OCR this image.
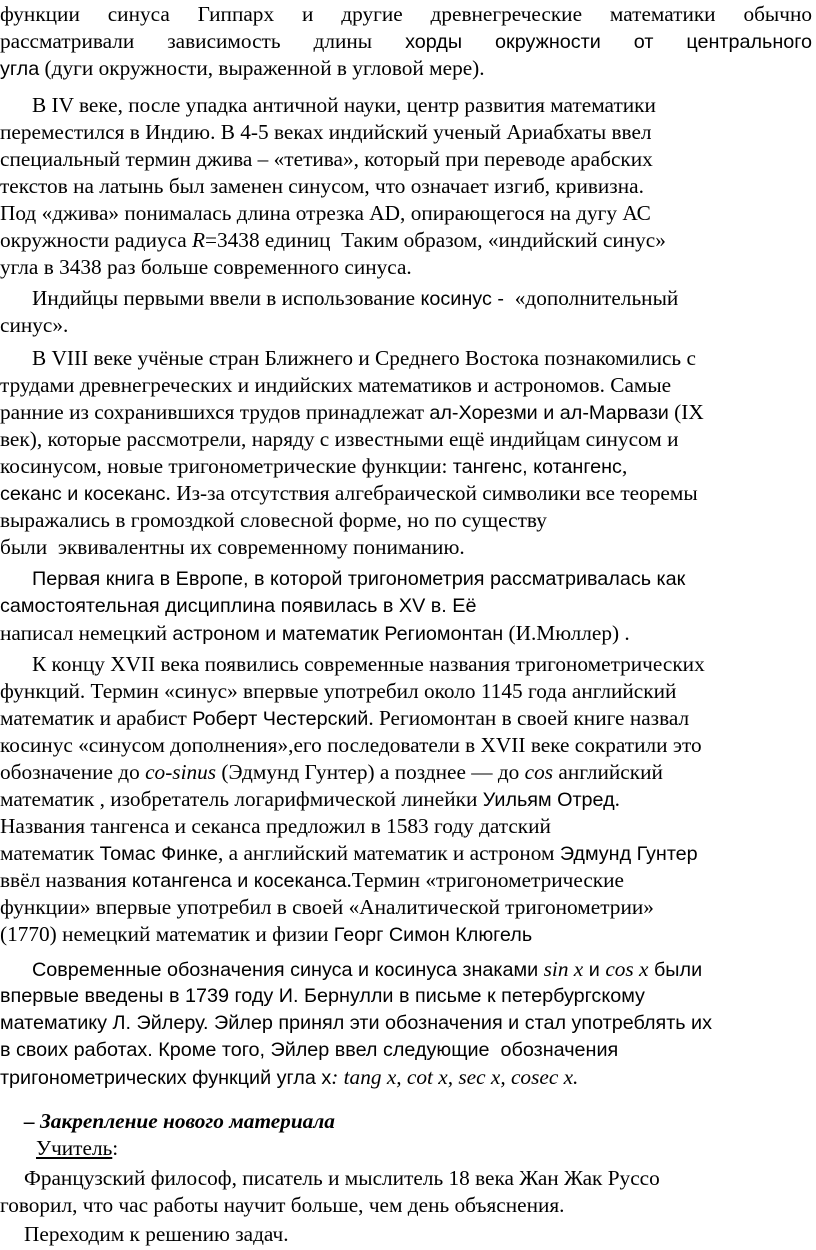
функции синуса Гиппарх и другие древнегреческие математики обычно
рассматривали зависимость длины хорды окружности от центрального
угла (дуги окружности, выраженной в угловой мере).
В IV веке, после упадка античной науки, центр развития математики
переместился в Индию. В 4-5 веках индийский ученый Ариабхаты ввел
специальный термин джива – «тетива», который при переводе арабских
текстов на латынь был заменен синусом, что означает изгиб, кривизна.
Под «джива» понималась длина отрезка AD, опирающегося на дугу АС
окружности радиуса R=3438 единиц  Таким образом, «индийский синус»
угла в 3438 раз больше современного синуса.
Индийцы первыми ввели в использование косинус -  «дополнительный
синус».
В VIII веке учёные стран Ближнего и Среднего Востока познакомились с
трудами древнегреческих и индийских математиков и астрономов. Самые
ранние из сохранившихся трудов принадлежат ал-Хорезми и ал-Марвази (IX
век), которые рассмотрели, наряду с известными ещё индийцам синусом и
косинусом, новые тригонометрические функции: тангенс, котангенс,
секанс и косеканс. Из-за отсутствия алгебраической символики все теоремы
выражались в громоздкой словесной форме, но по существу
были  эквивалентны их современному пониманию.
Первая книга в Европе, в которой тригонометрия рассматривалась как
самостоятельная дисциплина появилась в XV в. Её
написал немецкий астроном и математик Региомонтан (И.Мюллер) .
К концу XVII века появились современные названия тригонометрических
функций. Термин «синус» впервые употребил около 1145 года английский
математик и арабист Роберт Честерский. Региомонтан в своей книге назвал
косинус «синусом дополнения»,его последователи в XVII веке сократили это
обозначение до co-sinus (Эдмунд Гунтер) а позднее — до cos английский
математик , изобретатель логарифмической линейки Уильям Отред.
Названия тангенса и секанса предложил в 1583 году датский
математик Томас Финке, а английский математик и астроном Эдмунд Гунтер
ввёл названия котангенса и косеканса.Термин «тригонометрические
функции» впервые употребил в своей «Аналитической тригонометрии»
(1770) немецкий математик и физии Георг Симон Клюгель
Современные обозначения синуса и косинуса знаками sin x и cos x были
впервые введены в 1739 году И. Бернулли в письме к петербургскому
математику Л. Эйлеру. Эйлер принял эти обозначения и стал употреблять их
в своих работах. Кроме того, Эйлер ввел следующие  обозначения
тригонометрических функций угла x: tang x, cot x, sec x, cosec x.
– Закрепление нового материала
Учитель:
Французский философ, писатель и мыслитель 18 века Жан Жак Руссо
говорил, что час работы научит больше, чем день объяснения.
Переходим к решению задач.
